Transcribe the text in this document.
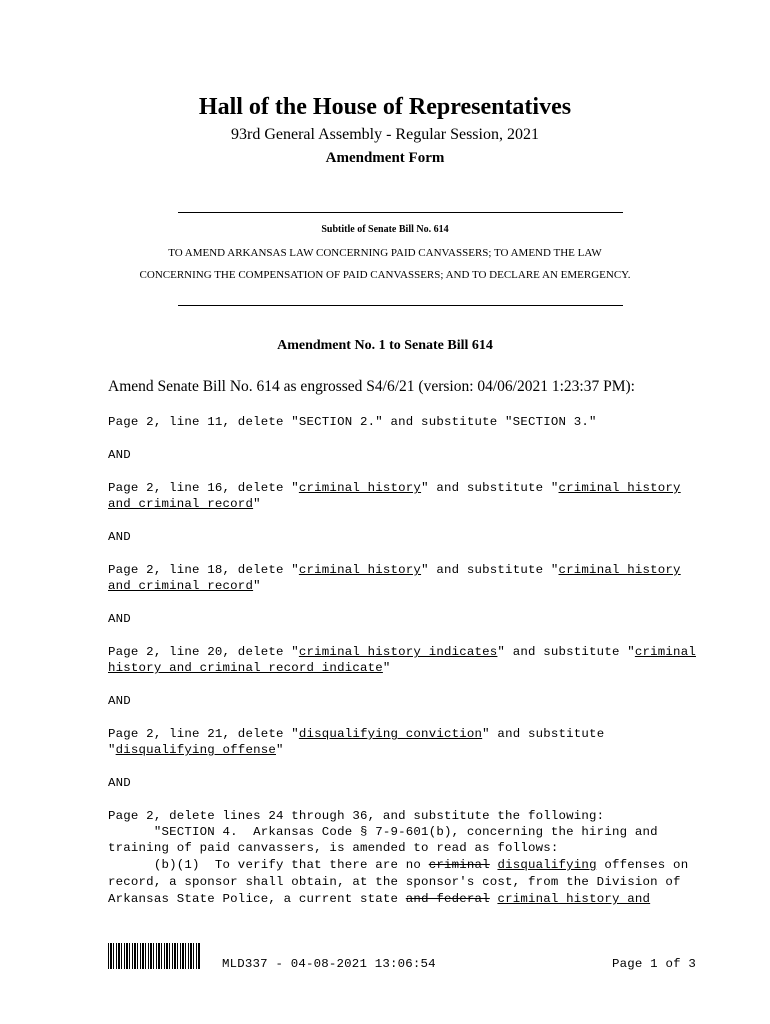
Hall of the House of Representatives
93rd General Assembly - Regular Session, 2021
Amendment Form
Subtitle of Senate Bill No. 614
TO AMEND ARKANSAS LAW CONCERNING PAID CANVASSERS; TO AMEND THE LAW
CONCERNING THE COMPENSATION OF PAID CANVASSERS; AND TO DECLARE AN EMERGENCY.
Amendment No. 1 to Senate Bill 614
Amend Senate Bill No. 614 as engrossed S4/6/21 (version: 04/06/2021 1:23:37 PM):
Page 2, line 11, delete "SECTION 2." and substitute "SECTION 3."
AND
Page 2, line 16, delete "criminal history" and substitute "criminal history
and criminal record"
AND
Page 2, line 18, delete "criminal history" and substitute "criminal history
and criminal record"
AND
Page 2, line 20, delete "criminal history indicates" and substitute "criminal
history and criminal record indicate"
AND
Page 2, line 21, delete "disqualifying conviction" and substitute
"disqualifying offense"
AND
Page 2, delete lines 24 through 36, and substitute the following:
"SECTION 4.  Arkansas Code § 7-9-601(b), concerning the hiring and
training of paid canvassers, is amended to read as follows:
(b)(1)  To verify that there are no criminal disqualifying offenses on
record, a sponsor shall obtain, at the sponsor's cost, from the Division of
Arkansas State Police, a current state and federal criminal history and
MLD337 - 04-08-2021 13:06:54	Page 1 of 3
